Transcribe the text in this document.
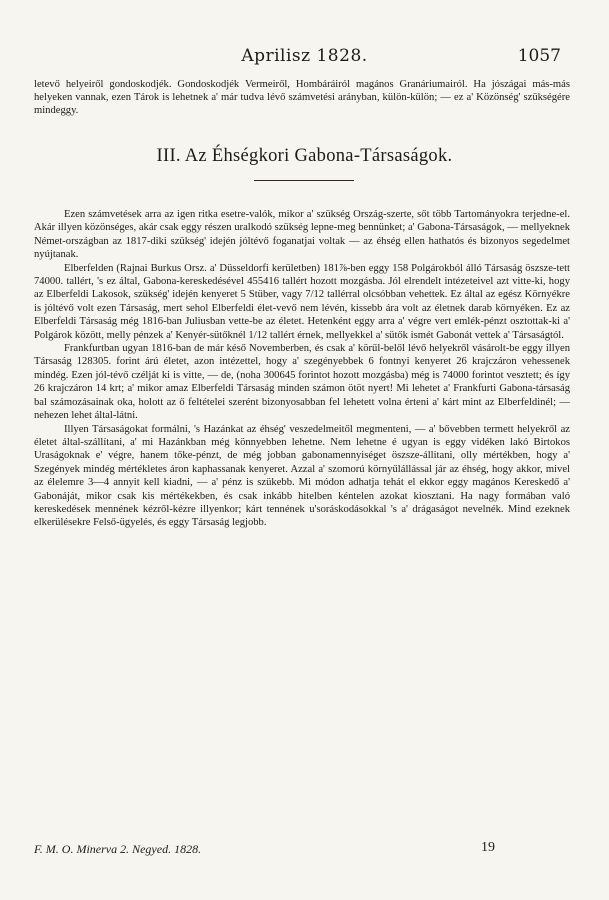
Aprilisz 1828.	1057
letevő helyeiről gondoskodjék. Gondoskodjék Vermeiről, Hombáráiról magános Granáriumairól. Ha jószágai más-más helyeken vannak, ezen Tárok is lehetnek a' már tudva lévő számvetési arányban, külön-külön; — ez a' Közönség' szükségére mindeggy.
III. Az Éhségkori Gabona-Társaságok.

Ezen számvetések arra az igen ritka esetre-valók, mikor a' szükség Ország-szerte, sőt több Tartományokra terjedne-el. Akár illyen közönséges, akár csak eggy részen uralkodó szükség lepne-meg bennünket; a' Gabona-Társaságok, — mellyeknek Német-országban az 1817-diki szükség' idején jóltévő foganatjai voltak — az éhség ellen hathatós és bizonyos segedelmet nyújtanak.

Elberfelden (Rajnai Burkus Orsz. a' Düsseldorfi kerületben) 181⅞-ben eggy 158 Polgárokból álló Társaság öszsze-tett 74000. tallért, 's ez által, Gabona-kereskedésével 455416 tallért hozott mozgásba. Jól elrendelt intézeteivel azt vitte-ki, hogy az Elberfeldi Lakosok, szükség' idején kenyeret 5 Stüber, vagy 7/12 tallérral olcsóbban vehettek. Ez által az egész Környékre is jóltévő volt ezen Társaság, mert sehol Elberfeldi élet-vevő nem lévén, kissebb ára volt az életnek darab környéken. Ez az Elberfeldi Társaság még 1816-ban Juliusban vette-be az életet. Hetenként eggy arra a' végre vert emlék-pénzt osztottak-ki a' Polgárok között, melly pénzek a' Kenyér-sütőknél 1/12 tallért érnek, mellyekkel a' sütők ismét Gabonát vettek a' Társaságtól.

Frankfurtban ugyan 1816-ban de már késő Novemberben, és csak a' körűl-belől lévő helyekről vásárolt-be eggy illyen Társaság 128305. forint árú életet, azon intézettel, hogy a' szegényebbek 6 fontnyi kenyeret 26 krajczáron vehessenek mindég. Ezen jól-tévő czélját ki is vitte, — de, (noha 300645 forintot hozott mozgásba) még is 74000 forintot vesztett; és így 26 krajczáron 14 krt; a' mikor amaz Elberfeldi Társaság minden számon ötöt nyert! Mi lehetet a' Frankfurti Gabona-társaság bal számozásainak oka, holott az ő feltételei szerént bizonyosabban fel lehetett volna érteni a' kárt mint az Elberfeldinél; — nehezen lehet által-látni.

Illyen Társaságokat formálni, 's Hazánkat az éhség' veszedelmeitől megmenteni, — a' bővebben termett helyekről az életet által-szállítani, a' mi Hazánkban még könnyebben lehetne. Nem lehetne é ugyan is eggy vidéken lakó Birtokos Uraságoknak e' végre, hanem tőke-pénzt, de még jobban gabonamennyiséget öszsze-állitani, olly mértékben, hogy a' Szegények mindég mértékletes áron kaphassanak kenyeret. Azzal a' szomorú környűlállással jár az éhség, hogy akkor, mivel az élelemre 3—4 annyit kell kiadni, — a' pénz is szükebb. Mi módon adhatja tehát el ekkor eggy magános Kereskedő a' Gabonáját, mikor csak kis mértékekben, és csak inkább hitelben kéntelen azokat kiosztani. Ha nagy formában való kereskedések mennének kézről-kézre illyenkor; kárt tennének u'soráskodásokkal 's a' drágaságot nevelnék. Mind ezeknek elkerülésekre Felső-ügyelés, és eggy Társaság legjobb.

F. M. O. Minerva 2. Negyed. 1828.	19
